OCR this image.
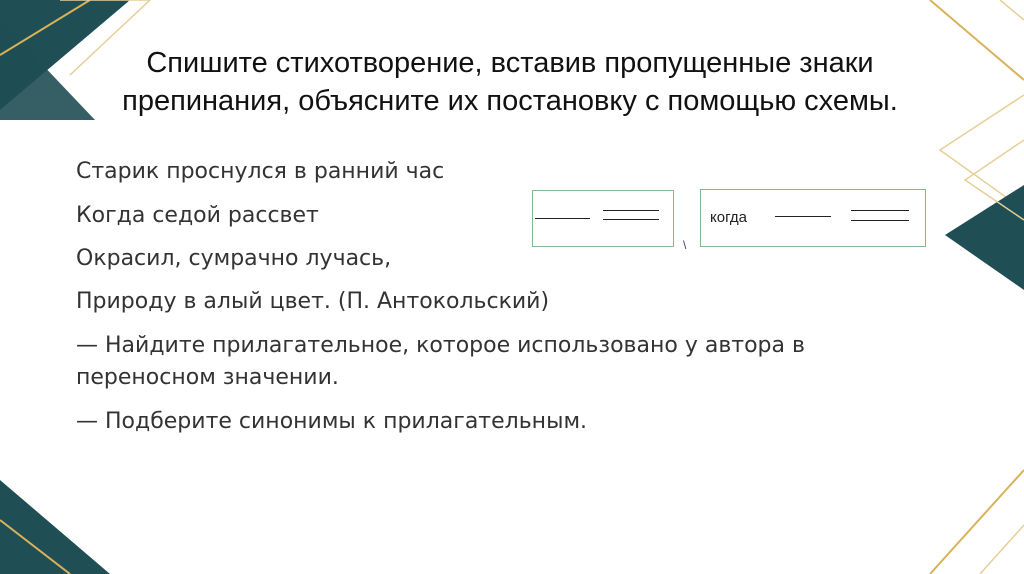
Спишите стихотворение, вставив пропущенные знаки
препинания, объясните их постановку с помощью схемы.
Старик проснулся в ранний час
Когда седой рассвет
Окрасил, сумрачно лучась,
Природу в алый цвет. (П. Антокольский)
— Найдите прилагательное, которое использовано у автора в
переносном значении.
— Подберите синонимы к прилагательным.
\
когда
